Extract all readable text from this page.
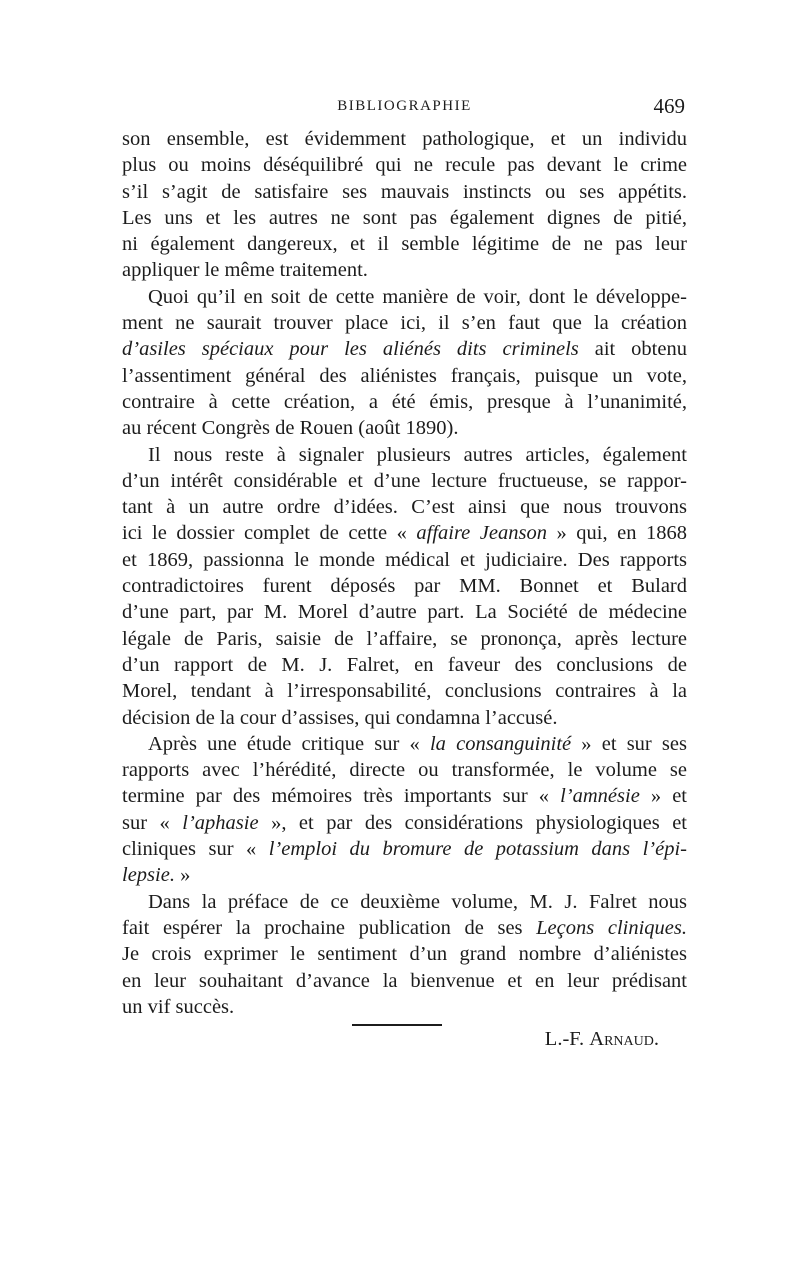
BIBLIOGRAPHIE	469
son ensemble, est évidemment pathologique, et un individu
plus ou moins déséquilibré qui ne recule pas devant le crime
s’il s’agit de satisfaire ses mauvais instincts ou ses appétits.
Les uns et les autres ne sont pas également dignes de pitié,
ni également dangereux, et il semble légitime de ne pas leur
appliquer le même traitement.
Quoi qu’il en soit de cette manière de voir, dont le développe-
ment ne saurait trouver place ici, il s’en faut que la création
d’asiles spéciaux pour les aliénés dits criminels ait obtenu
l’assentiment général des aliénistes français, puisque un vote,
contraire à cette création, a été émis, presque à l’unanimité,
au récent Congrès de Rouen (août 1890).
Il nous reste à signaler plusieurs autres articles, également
d’un intérêt considérable et d’une lecture fructueuse, se rappor-
tant à un autre ordre d’idées. C’est ainsi que nous trouvons
ici le dossier complet de cette « affaire Jeanson » qui, en 1868
et 1869, passionna le monde médical et judiciaire. Des rapports
contradictoires furent déposés par MM. Bonnet et Bulard
d’une part, par M. Morel d’autre part. La Société de médecine
légale de Paris, saisie de l’affaire, se prononça, après lecture
d’un rapport de M. J. Falret, en faveur des conclusions de
Morel, tendant à l’irresponsabilité, conclusions contraires à la
décision de la cour d’assises, qui condamna l’accusé.
Après une étude critique sur « la consanguinité » et sur ses
rapports avec l’hérédité, directe ou transformée, le volume se
termine par des mémoires très importants sur « l’amnésie » et
sur « l’aphasie », et par des considérations physiologiques et
cliniques sur « l’emploi du bromure de potassium dans l’épi-
lepsie. »
Dans la préface de ce deuxième volume, M. J. Falret nous
fait espérer la prochaine publication de ses Leçons cliniques.
Je crois exprimer le sentiment d’un grand nombre d’aliénistes
en leur souhaitant d’avance la bienvenue et en leur prédisant
un vif succès.
L.-F. Arnaud.
